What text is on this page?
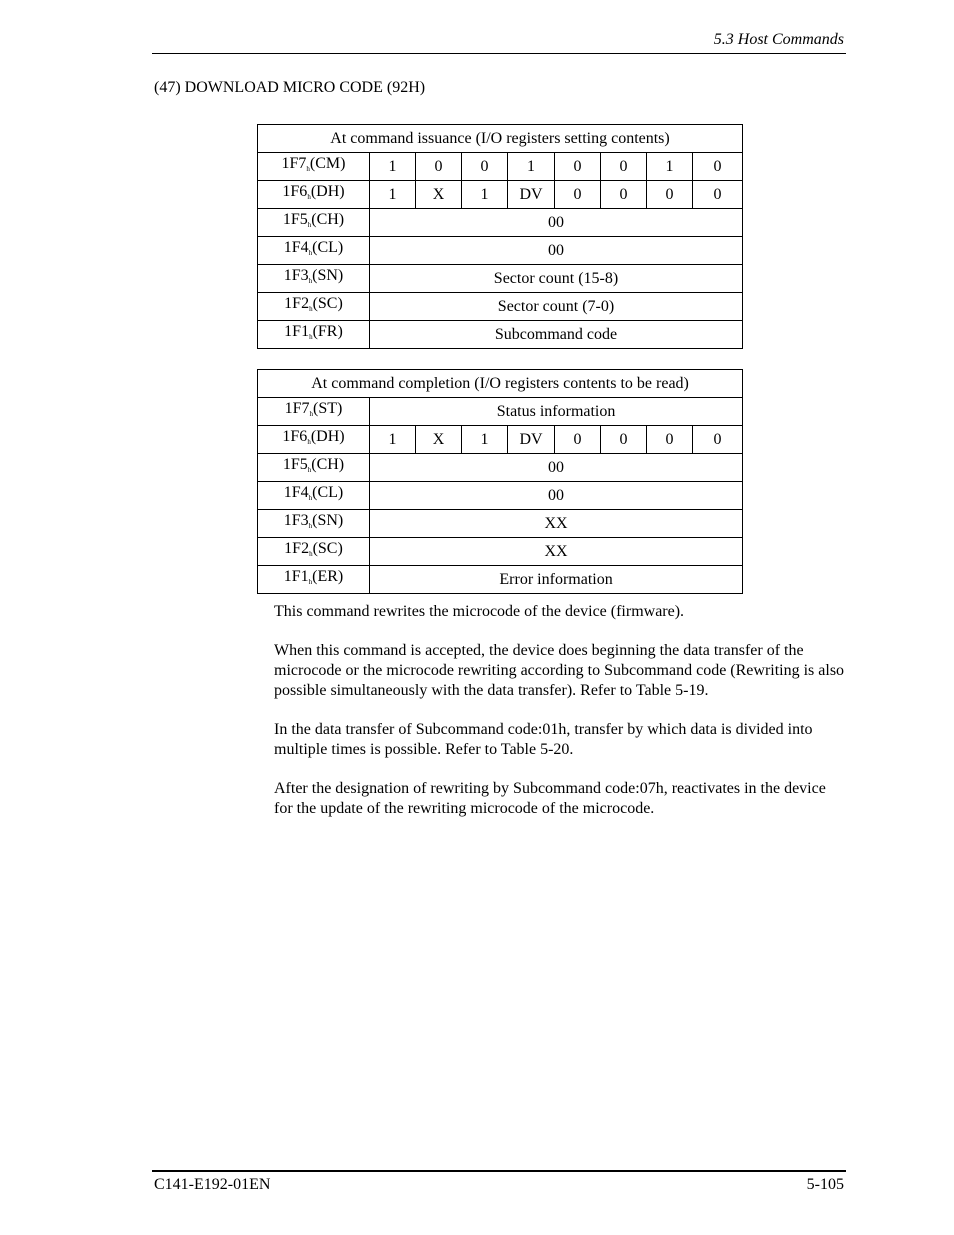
5.3 Host Commands
(47) DOWNLOAD MICRO CODE (92H)
At command issuance (I/O registers setting contents)								
$1F7_h(CM)$	1	0	0	1	0	0	1	0
$1F6_h(DH)$	1	X	1	DV	0	0	0	0
$1F5_h(CH)$	00							
$1F4_h(CL)$	00							
$1F3_h(SN)$	Sector count (15-8)							
$1F2_h(SC)$	Sector count (7-0)							
$1F1_h(FR)$	Subcommand code							
At command completion (I/O registers contents to be read)								
$1F7_h(ST)$	Status information							
$1F6_h(DH)$	1	X	1	DV	0	0	0	0
$1F5_h(CH)$	00							
$1F4_h(CL)$	00							
$1F3_h(SN)$	XX							
$1F2_h(SC)$	XX							
$1F1_h(ER)$	Error information							

This command rewrites the microcode of the device (firmware).

When this command is accepted, the device does beginning the data transfer of the microcode or the microcode rewriting according to Subcommand code (Rewriting is also possible simultaneously with the data transfer). Refer to Table 5-19.

In the data transfer of Subcommand code:01h, transfer by which data is divided into multiple times is possible. Refer to Table 5-20.

After the designation of rewriting by Subcommand code:07h, reactivates in the device for the update of the rewriting microcode of the microcode.

C141-E192-01EN	5-105
